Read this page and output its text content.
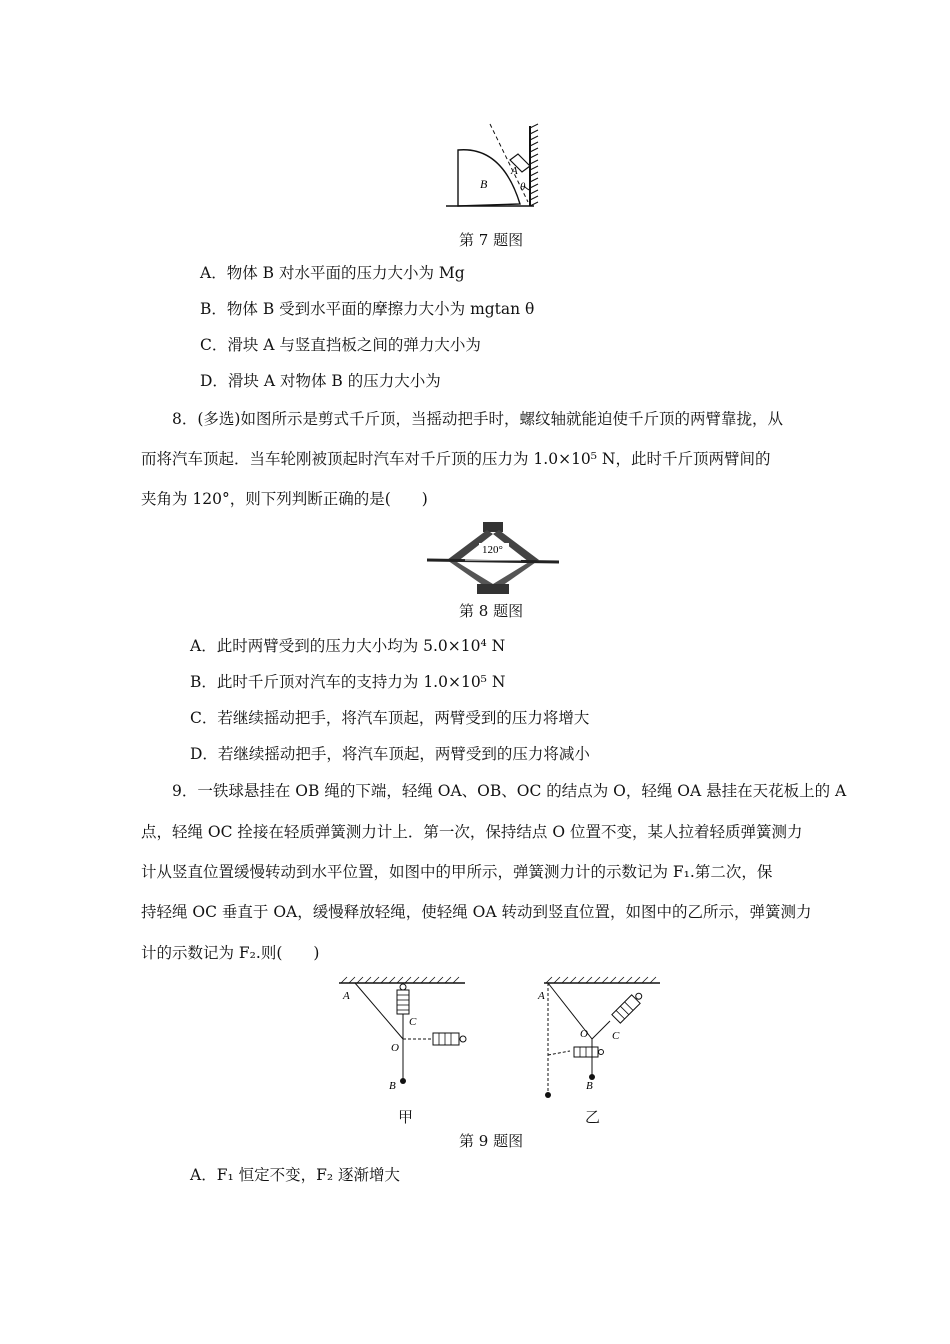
B
A
θ
第 7 题图
A．物体 B 对水平面的压力大小为 Mg
B．物体 B 受到水平面的摩擦力大小为 mgtan θ
C．滑块 A 与竖直挡板之间的弹力大小为
D．滑块 A 对物体 B 的压力大小为
8．(多选)如图所示是剪式千斤顶，当摇动把手时，螺纹轴就能迫使千斤顶的两臂靠拢，从
而将汽车顶起．当车轮刚被顶起时汽车对千斤顶的压力为 1.0×10⁵ N，此时千斤顶两臂间的
夹角为 120°，则下列判断正确的是(　　)
120°
第 8 题图
A．此时两臂受到的压力大小均为 5.0×10⁴ N
B．此时千斤顶对汽车的支持力为 1.0×10⁵ N
C．若继续摇动把手，将汽车顶起，两臂受到的压力将增大
D．若继续摇动把手，将汽车顶起，两臂受到的压力将减小
9．一铁球悬挂在 OB 绳的下端，轻绳 OA、OB、OC 的结点为 O，轻绳 OA 悬挂在天花板上的 A
点，轻绳 OC 拴接在轻质弹簧测力计上．第一次，保持结点 O 位置不变，某人拉着轻质弹簧测力
计从竖直位置缓慢转动到水平位置，如图中的甲所示，弹簧测力计的示数记为 F₁.第二次，保
持轻绳 OC 垂直于 OA，缓慢释放轻绳，使轻绳 OA 转动到竖直位置，如图中的乙所示，弹簧测力
计的示数记为 F₂.则(　　)
A
C
O
B
甲
A
O C
B
乙
第 9 题图
A．F₁ 恒定不变，F₂ 逐渐增大
